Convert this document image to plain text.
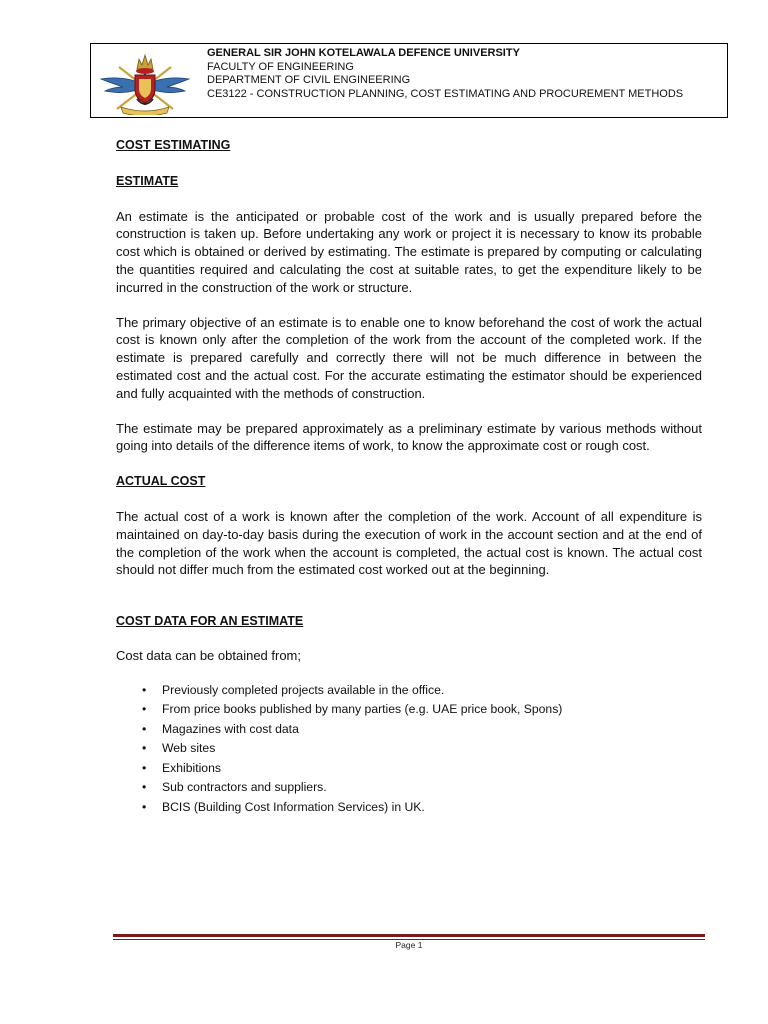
GENERAL SIR JOHN KOTELAWALA DEFENCE UNIVERSITY
FACULTY OF ENGINEERING
DEPARTMENT OF CIVIL ENGINEERING
CE3122 - CONSTRUCTION PLANNING, COST ESTIMATING AND PROCUREMENT METHODS
COST ESTIMATING
ESTIMATE

An estimate is the anticipated or probable cost of the work and is usually prepared before the construction is taken up. Before undertaking any work or project it is necessary to know its probable cost which is obtained or derived by estimating. The estimate is prepared by computing or calculating the quantities required and calculating the cost at suitable rates, to get the expenditure likely to be incurred in the construction of the work or structure.

The primary objective of an estimate is to enable one to know beforehand the cost of work the actual cost is known only after the completion of the work from the account of the completed work. If the estimate is prepared carefully and correctly there will not be much difference in between the estimated cost and the actual cost. For the accurate estimating the estimator should be experienced and fully acquainted with the methods of construction.

The estimate may be prepared approximately as a preliminary estimate by various methods without going into details of the difference items of work, to know the approximate cost or rough cost.

ACTUAL COST

The actual cost of a work is known after the completion of the work. Account of all expenditure is maintained on day-to-day basis during the execution of work in the account section and at the end of the completion of the work when the account is completed, the actual cost is known. The actual cost should not differ much from the estimated cost worked out at the beginning.

COST DATA FOR AN ESTIMATE

Cost data can be obtained from;

• Previously completed projects available in the office.
• From price books published by many parties (e.g. UAE price book, Spons)
• Magazines with cost data
• Web sites
• Exhibitions
• Sub contractors and suppliers.
• BCIS (Building Cost Information Services) in UK.
Page 1
